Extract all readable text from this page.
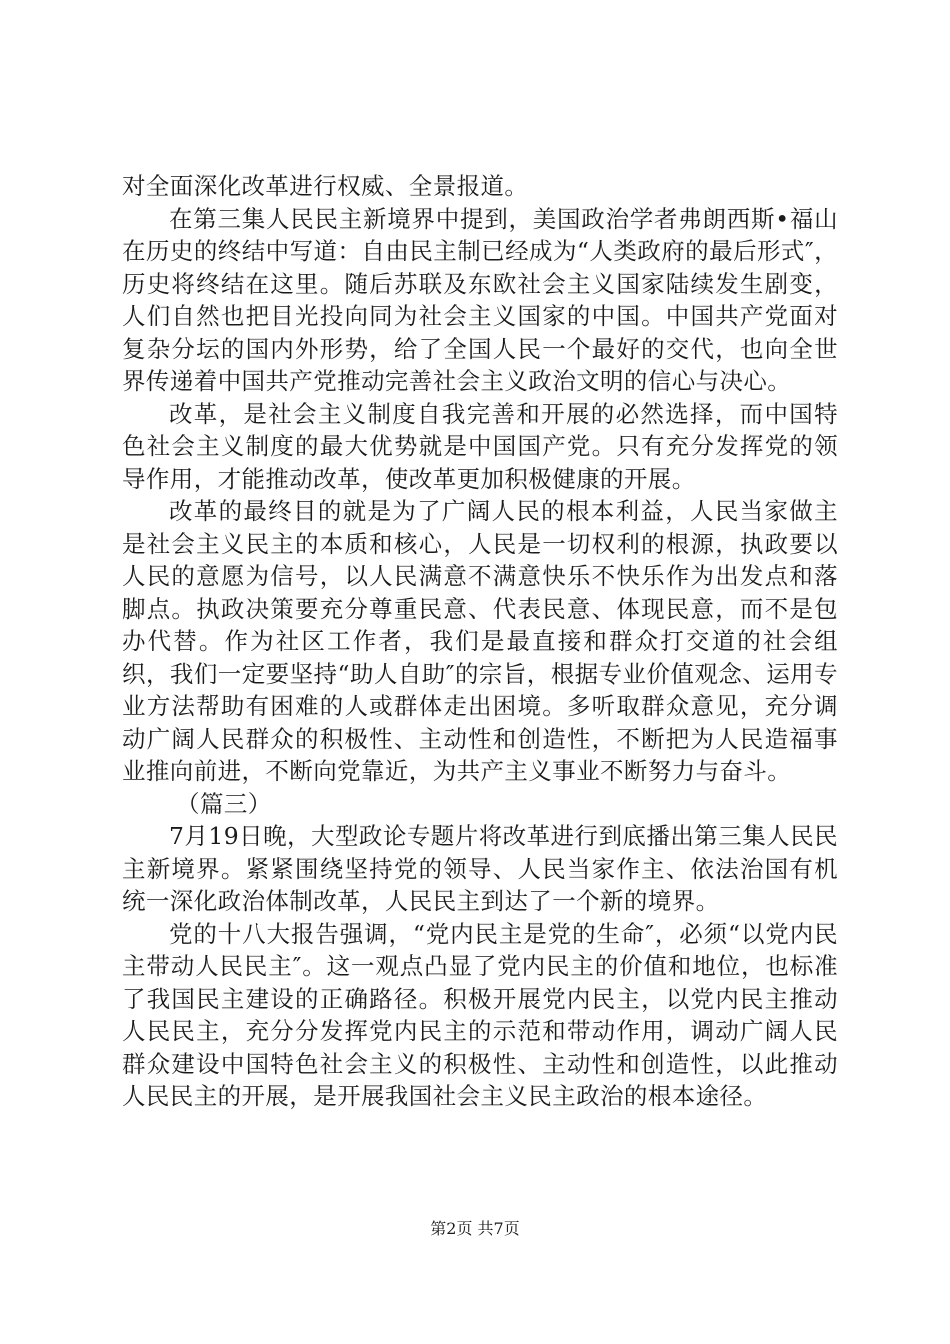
对全面深化改革进行权威、全景报道。

在第三集人民民主新境界中提到，美国政治学者弗朗西斯•福山在历史的终结中写道：自由民主制已经成为“人类政府的最后形式″，历史将终结在这里。随后苏联及东欧社会主义国家陆续发生剧变，人们自然也把目光投向同为社会主义国家的中国。中国共产党面对复杂分坛的国内外形势，给了全国人民一个最好的交代，也向全世界传递着中国共产党推动完善社会主义政治文明的信心与决心。

改革，是社会主义制度自我完善和开展的必然选择，而中国特色社会主义制度的最大优势就是中国国产党。只有充分发挥党的领导作用，才能推动改革，使改革更加积极健康的开展。

改革的最终目的就是为了广阔人民的根本利益，人民当家做主是社会主义民主的本质和核心，人民是一切权利的根源，执政要以人民的意愿为信号，以人民满意不满意快乐不快乐作为出发点和落脚点。执政决策要充分尊重民意、代表民意、体现民意，而不是包办代替。作为社区工作者，我们是最直接和群众打交道的社会组织，我们一定要坚持“助人自助″的宗旨，根据专业价值观念、运用专业方法帮助有困难的人或群体走出困境。多听取群众意见，充分调动广阔人民群众的积极性、主动性和创造性，不断把为人民造福事业推向前进，不断向党靠近，为共产主义事业不断努力与奋斗。

（篇三）

7月19日晚，大型政论专题片将改革进行到底播出第三集人民民主新境界。紧紧围绕坚持党的领导、人民当家作主、依法治国有机统一深化政治体制改革，人民民主到达了一个新的境界。

党的十八大报告强调，“党内民主是党的生命″，必须“以党内民主带动人民民主″。这一观点凸显了党内民主的价值和地位，也标准了我国民主建设的正确路径。积极开展党内民主，以党内民主推动人民民主，充分分发挥党内民主的示范和带动作用，调动广阔人民群众建设中国特色社会主义的积极性、主动性和创造性，以此推动人民民主的开展，是开展我国社会主义民主政治的根本途径。

第2页 共7页
